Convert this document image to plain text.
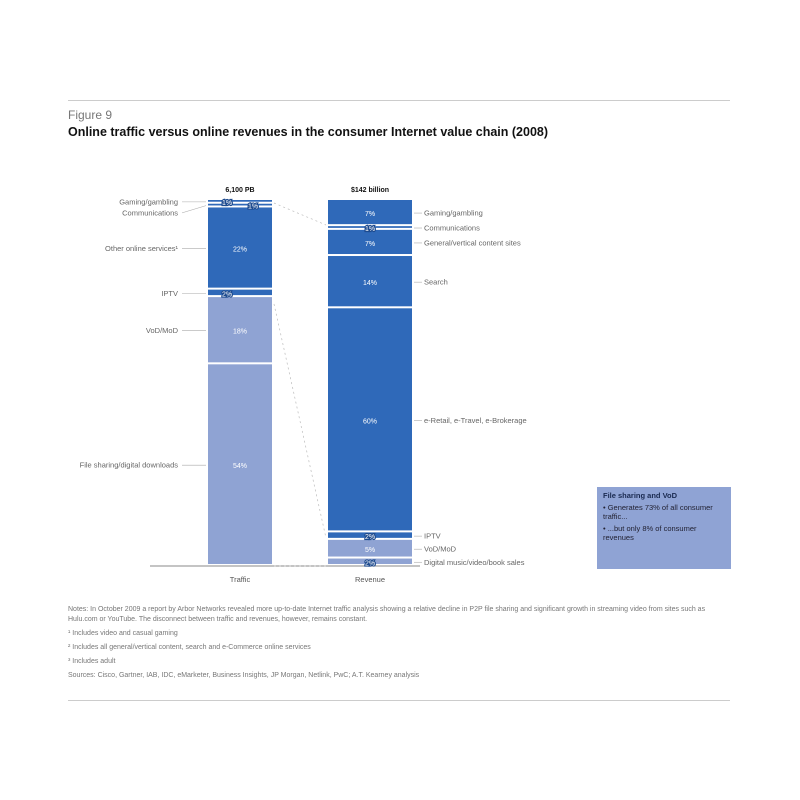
Figure 9
Online traffic versus online revenues in the consumer Internet value chain (2008)
6,100 PB
Traffic
$142 billion
Revenue
1%
Gaming/gambling
1%
Communications
22%
Other online services¹
2%
IPTV
18%
VoD/MoD
54%
File sharing/digital downloads
7%	Gaming/gambling
1%	Communications
7%	General/vertical content sites
14%	Search
60%	e-Retail, e-Travel, e-Brokerage
2%	IPTV
5%	VoD/MoD
2%	Digital music/video/book sales
File sharing and VoD
• Generates 73% of all consumer traffic...
• ...but only 8% of consumer revenues
Notes: In October 2009 a report by Arbor Networks revealed more up-to-date Internet traffic analysis showing a relative decline in P2P file sharing and significant growth in streaming video from sites such as Hulu.com or YouTube. The disconnect between traffic and revenues, however, remains constant.
¹ Includes video and casual gaming
² Includes all general/vertical content, search and e-Commerce online services
³ Includes adult
Sources: Cisco, Gartner, IAB, IDC, eMarketer, Business Insights, JP Morgan, Netlink, PwC; A.T. Kearney analysis
